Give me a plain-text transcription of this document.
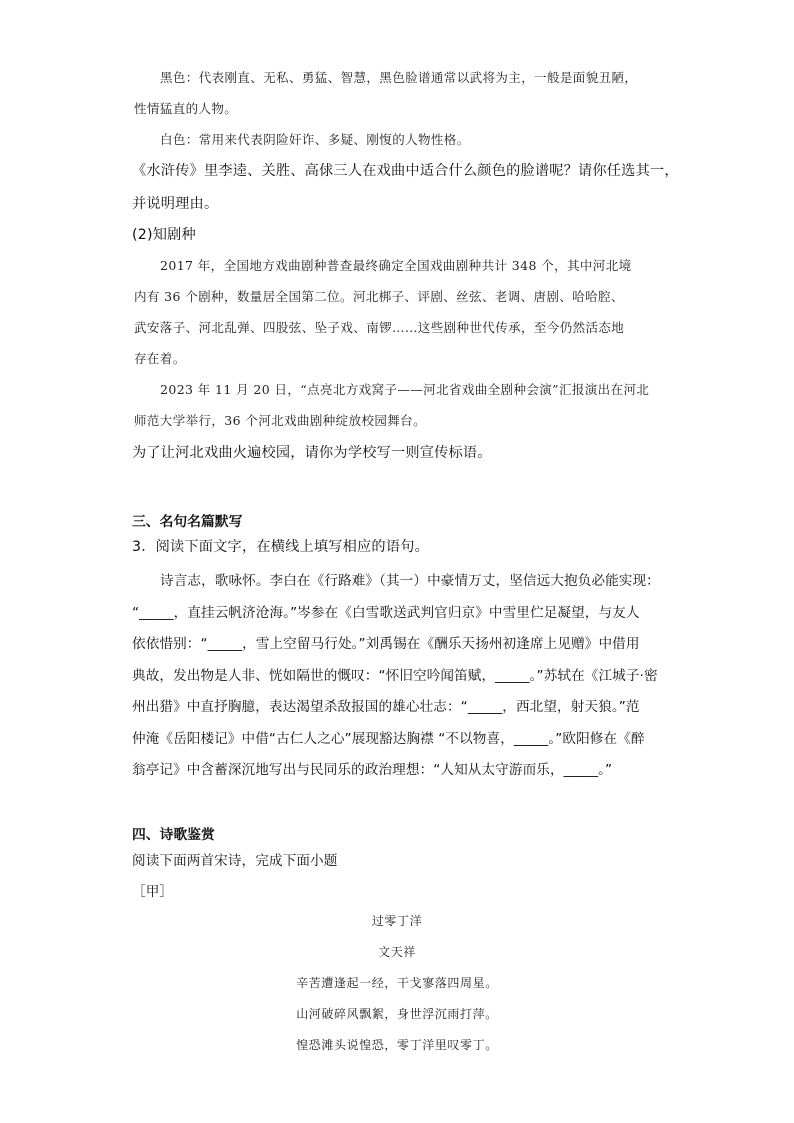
黑色：代表刚直、无私、勇猛、智慧，黑色脸谱通常以武将为主，一般是面貌丑陋，
性情猛直的人物。
白色：常用来代表阴险奸诈、多疑、刚愎的人物性格。
《水浒传》里李逵、关胜、高俅三人在戏曲中适合什么颜色的脸谱呢？请你任选其一，
并说明理由。
(2)知剧种
2017 年，全国地方戏曲剧种普查最终确定全国戏曲剧种共计 348 个，其中河北境
内有 36 个剧种，数量居全国第二位。河北梆子、评剧、丝弦、老调、唐剧、哈哈腔、
武安落子、河北乱弹、四股弦、坠子戏、南锣……这些剧种世代传承，至今仍然活态地
存在着。
2023 年 11 月 20 日，“点亮北方戏窝子——河北省戏曲全剧种会演”汇报演出在河北
师范大学举行，36 个河北戏曲剧种绽放校园舞台。
为了让河北戏曲火遍校园，请你为学校写一则宣传标语。
三、名句名篇默写
3．阅读下面文字，在横线上填写相应的语句。
诗言志，歌咏怀。李白在《行路难》（其一）中豪情万丈，坚信远大抱负必能实现：
“_____，直挂云帆济沧海。”岑参在《白雪歌送武判官归京》中雪里伫足凝望，与友人
依依惜别：“_____，雪上空留马行处。”刘禹锡在《酬乐天扬州初逢席上见赠》中借用
典故，发出物是人非、恍如隔世的慨叹：“怀旧空吟闻笛赋，_____。”苏轼在《江城子·密
州出猎》中直抒胸臆，表达渴望杀敌报国的雄心壮志：“_____，西北望，射天狼。”范
仲淹《岳阳楼记》中借“古仁人之心”展现豁达胸襟 “不以物喜，_____。”欧阳修在《醉
翁亭记》中含蓄深沉地写出与民同乐的政治理想：“人知从太守游而乐，_____。”
四、诗歌鉴赏
阅读下面两首宋诗，完成下面小题
［甲］
过零丁洋
文天祥
辛苦遭逢起一经，干戈寥落四周星。
山河破碎风飘絮，身世浮沉雨打萍。
惶恐滩头说惶恐，零丁洋里叹零丁。
